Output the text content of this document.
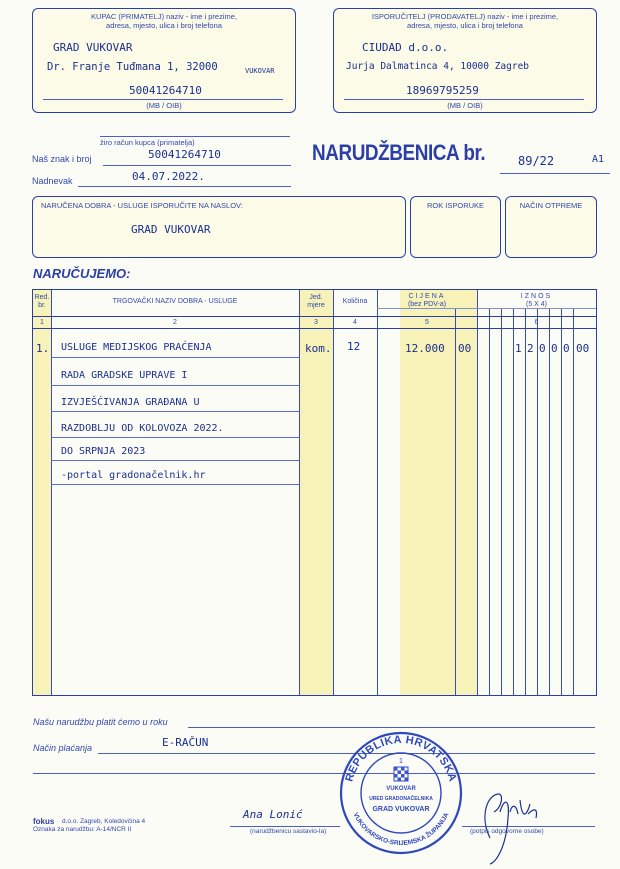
KUPAC (PRIMATELJ) naziv - ime i prezime,
adresa, mjesto, ulica i broj telefona
GRAD VUKOVAR
Dr. Franje Tuđmana 1, 32000	VUKOVAR
50041264710
(MB / OIB)
ISPORUČITELJ (PRODAVATELJ) naziv - ime i prezime,
adresa, mjesto, ulica i broj telefona
CIUDAD d.o.o.
Jurja Dalmatinca 4, 10000 Zagreb
18969795259
(MB / OIB)
žiro račun kupca (primatelja)
Naš znak i broj	50041264710
Nadnevak	04.07.2022.
NARUDŽBENICA br.	89/22	A1
NARUČENA DOBRA - USLUGE ISPORUČITE NA NASLOV:
GRAD VUKOVAR
ROK ISPORUKE	NAČIN OTPREME
NARUČUJEMO:
Red.
br.
TRGOVAČKI NAZIV DOBRA - USLUGE
Jed.
mjere
Količina
CIJENA
(bez PDV-a)
IZNOS
(5 X 4)
1	2	3	4	5	6
1. USLUGE MEDIJSKOG PRAĆENJA
RADA GRADSKE UPRAVE I
IZVJEŠĆIVANJA GRAĐANA U
RAZDOBLJU OD KOLOVOZA 2022.
DO SRPNJA 2023
-portal gradonačelnik.hr
kom. 12	12.000 00	1 2 0 0 0 00
Našu narudžbu platit ćemo u roku
Način plaćanja	E-RAČUN
fokus d.o.o. Zagreb, Koledovčina 4
Oznaka za narudžbu: A-14/NCR II
Ana Lonić
(narudžbenicu sastavio-la)	(potpis odgovorne osobe)
REPUBLIKA HRVATSKA
VUKOVARSKO-SRIJEMSKA ŽUPANIJA
1
VUKOVAR
URED GRADONAČELNIKA
GRAD VUKOVAR
